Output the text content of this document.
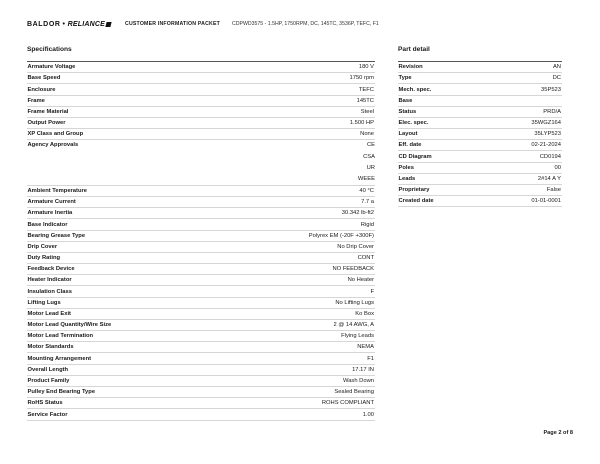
BALDOR • RELIANCE	CUSTOMER INFORMATION PACKET CDPWD3575 - 1.5HP, 1750RPM, DC, 145TC, 3536P, TEFC, F1
Specifications
Armature Voltage	180 V
Base Speed	1750 rpm
Enclosure	TEFC
Frame	145TC
Frame Material	Steel
Output Power	1.500 HP
XP Class and Group	None
Agency Approvals	CE
CSA
UR
WEEE
Ambient Temperature	40 °C
Armature Current	7.7 a
Armature Inertia	30.342 lb-ft2
Base Indicator	Rigid
Bearing Grease Type	Polyrex EM (-20F +300F)
Drip Cover	No Drip Cover
Duty Rating	CONT
Feedback Device	NO FEEDBACK
Heater Indicator	No Heater
Insulation Class	F
Lifting Lugs	No Lifting Lugs
Motor Lead Exit	Ko Box
Motor Lead Quantity/Wire Size	2 @ 14 AWG, A
Motor Lead Termination	Flying Leads
Motor Standards	NEMA
Mounting Arrangement	F1
Overall Length	17.17 IN
Product Family	Wash Down
Pulley End Bearing Type	Sealed Bearing
RoHS Status	ROHS COMPLIANT
Service Factor	1.00
Part detail
Revision	AN
Type	DC
Mech. spec.	35P523
Base
Status	PRD/A
Elec. spec.	35WGZ164
Layout	35LYP523
Eff. date	02-21-2024
CD Diagram	CD0194
Poles	00
Leads	2#14 A Y
Proprietary	False
Created date	01-01-0001
Page 2 of 8
